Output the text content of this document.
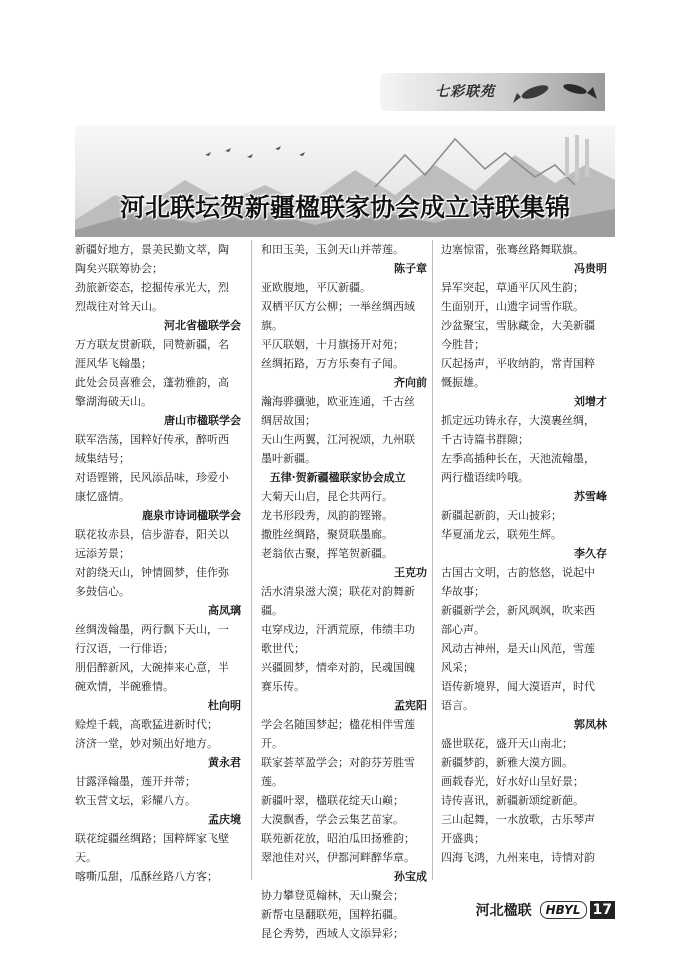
七彩联苑
河北联坛贺新疆楹联家协会成立诗联集锦

新疆好地方，景美民勤文萃，陶

陶矣兴联筹协会；

劲旅新姿态，挖掘传承光大，烈

烈哉往对耸天山。

河北省楹联学会

万方联友贯新联，同赞新疆，名

涯风华飞翰墨；

此处会员喜雅会，蓬勃雅韵，高

擎湖海破天山。

唐山市楹联学会

联军浩荡，国粹好传承，醉听西

域集结号；

对语铿锵，民风添品味，珍爱小

康忆盛情。

鹿泉市诗词楹联学会

联花妆赤县，信步游春，阳关以

远添芳景；

对韵绕天山，钟情圆梦，佳作弥

多鼓信心。

高凤璃

丝绸泼翰墨，两行飘下天山，一

行汉语，一行俳语；

朋侣醉新风，大碗捧来心意，半

碗欢情，半碗雅情。

杜向明

赊煌千载，高歌猛进新时代；

济济一堂，妙对频出好地方。

黄永君

甘露泽翰墨，莲开并蒂；

软玉营文坛，彩耀八方。

孟庆境

联花绽疆丝绸路；国粹辉家飞壁天。

喀嘶瓜甜，瓜酥丝路八方客；

和田玉美，玉剑天山并蒂莲。

陈子章

亚欧腹地，平仄新疆。

双栖平仄方公柳；一举丝绸西域旗。

平仄联姻，十月旗扬开对苑；

丝绸拓路，万方乐奏有子闻。

齐向前

瀚海骅骥驰，欧亚连通，千古丝

绸居故国；

天山生两翼，江河祝颂，九州联

墨叶新疆。

五律·贺新疆楹联家协会成立

大菊天山启，昆仑共两行。

龙书形段秀，凤韵韵铿锵。

撒胜丝绸路，聚贤联墨廊。

老翁依古聚，挥笔贺新疆。

王克功

活水清泉滋大漠；联花对韵舞新疆。

屯穿戍边，汗洒荒原，伟绩丰功

歌世代；

兴疆圆梦，情牵对韵，民魂国魄

赛乐传。

孟宪阳

学会名随国梦起；楹花相伴雪莲开。

联家荟萃盈学会；对韵芬芳胜雪莲。

新疆叶翠，楹联花绽天山巅；

大漠飘香，学会云集艺苗家。

联苑新花放，昭泊瓜田扬雅韵；

翠池佳对兴，伊都河畔醉华章。

孙宝成

协力攀登觅翰林，天山聚会；

新帮屯垦翻联苑，国粹拓疆。

昆仑秀势，西域人文添异彩；

边塞惊雷，张骞丝路舞联旗。

冯贵明

异军突起，草通平仄风生韵；

生面别开，山遗字词雪作联。

沙盆聚宝，雪脉藏金，大美新疆

今胜昔；

仄起扬声，平收纳韵，常青国粹

慨振雄。

刘增才

抓定远功铸永存，大漠裹丝绸，

千古诗篇书群隙；

左季高插种长在，天池流翰墨，

两行楹语续吟哦。

苏雪峰

新疆起新韵，天山披彩；

华夏涌龙云，联苑生辉。

李久存

古国古文明，古韵悠悠，说起中

华故事；

新疆新学会，新风飒飒，吹来西

部心声。

风动古神州，是天山风范，雪莲

风采；

语传新境界，闻大漠语声，时代

语言。

郭凤林

盛世联花，盛开天山南北；

新疆梦韵，新雅大漠方圆。

画载春光，好水好山呈好景；

诗传喜讯，新疆新颂绽新葩。

三山起舞，一水放歌，古乐琴声

开盛典；

四海飞鸿，九州来电，诗情对韵

河北楹联	HBYL 17
